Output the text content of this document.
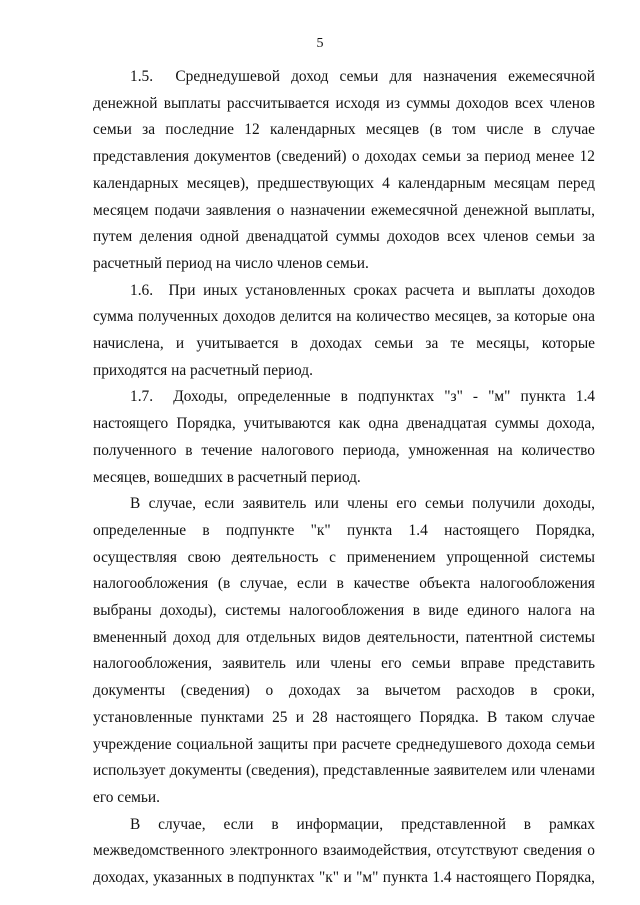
5

1.5.  Среднедушевой доход семьи для назначения ежемесячной денежной выплаты рассчитывается исходя из суммы доходов всех членов семьи за последние 12 календарных месяцев (в том числе в случае представления документов (сведений) о доходах семьи за период менее 12 календарных месяцев), предшествующих 4 календарным месяцам перед месяцем подачи заявления о назначении ежемесячной денежной выплаты, путем деления одной двенадцатой суммы доходов всех членов семьи за расчетный период на число членов семьи.

1.6.  При иных установленных сроках расчета и выплаты доходов сумма полученных доходов делится на количество месяцев, за которые она начислена, и учитывается в доходах семьи за те месяцы, которые приходятся на расчетный период.

1.7.  Доходы, определенные в подпунктах "з" - "м" пункта 1.4 настоящего Порядка, учитываются как одна двенадцатая суммы дохода, полученного в течение налогового периода, умноженная на количество месяцев, вошедших в расчетный период.

В случае, если заявитель или члены его семьи получили доходы, определенные в подпункте "к" пункта 1.4 настоящего Порядка, осуществляя свою деятельность с применением упрощенной системы налогообложения (в случае, если в качестве объекта налогообложения выбраны доходы), системы налогообложения в виде единого налога на вмененный доход для отдельных видов деятельности, патентной системы налогообложения, заявитель или члены его семьи вправе представить документы (сведения) о доходах за вычетом расходов в сроки, установленные пунктами 25 и 28 настоящего Порядка. В таком случае учреждение социальной защиты при расчете среднедушевого дохода семьи использует документы (сведения), представленные заявителем или членами его семьи.

В случае, если в информации, представленной в рамках межведомственного электронного взаимодействия, отсутствуют сведения о доходах, указанных в подпунктах "к" и "м" пункта 1.4 настоящего Порядка,
